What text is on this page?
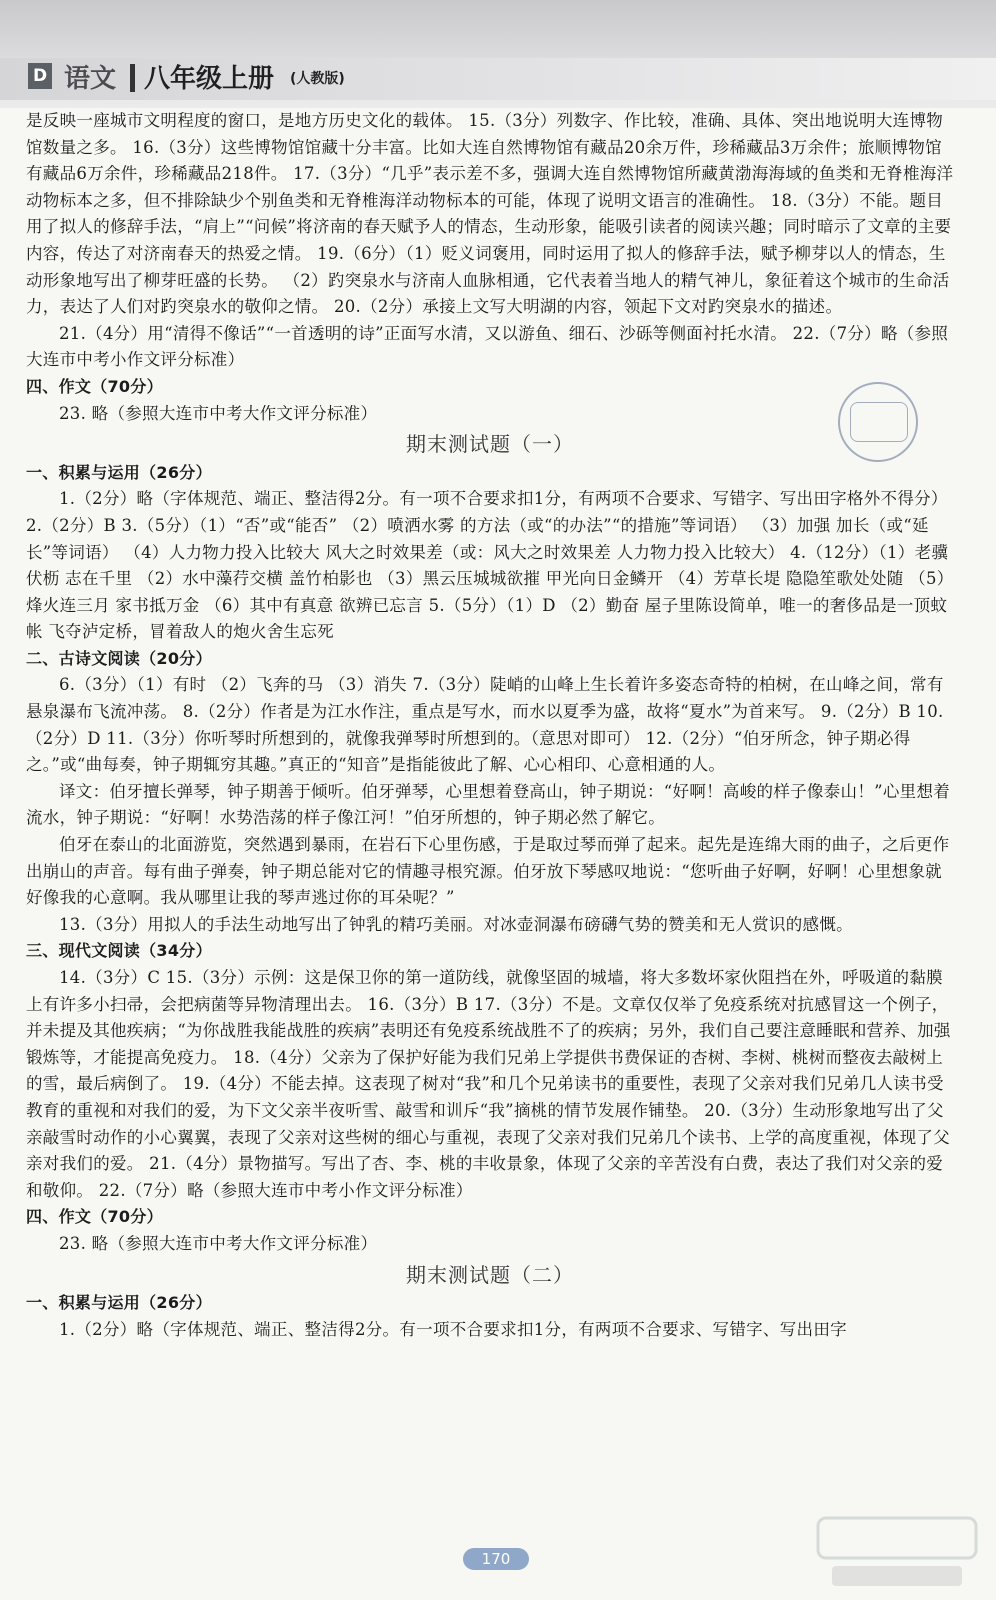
D 语文 八年级上册 (人教版)

是反映一座城市文明程度的窗口，是地方历史文化的载体。 15.（3分）列数字、作比较，准确、具体、突出地说明大连博物馆数量之多。 16.（3分）这些博物馆馆藏十分丰富。比如大连自然博物馆有藏品20余万件，珍稀藏品3万余件；旅顺博物馆有藏品6万余件，珍稀藏品218件。 17.（3分）“几乎”表示差不多，强调大连自然博物馆所藏黄渤海海域的鱼类和无脊椎海洋动物标本之多，但不排除缺少个别鱼类和无脊椎海洋动物标本的可能，体现了说明文语言的准确性。 18.（3分）不能。题目用了拟人的修辞手法，“肩上”“问候”将济南的春天赋予人的情态，生动形象，能吸引读者的阅读兴趣；同时暗示了文章的主要内容，传达了对济南春天的热爱之情。 19.（6分）（1）贬义词褒用，同时运用了拟人的修辞手法，赋予柳芽以人的情态，生动形象地写出了柳芽旺盛的长势。 （2）趵突泉水与济南人血脉相通，它代表着当地人的精气神儿，象征着这个城市的生命活力，表达了人们对趵突泉水的敬仰之情。 20.（2分）承接上文写大明湖的内容，领起下文对趵突泉水的描述。

21.（4分）用“清得不像话”“一首透明的诗”正面写水清，又以游鱼、细石、沙砾等侧面衬托水清。 22.（7分）略（参照大连市中考小作文评分标准）

四、作文（70分）

23. 略（参照大连市中考大作文评分标准）

期末测试题（一）

一、积累与运用（26分）

1.（2分）略（字体规范、端正、整洁得2分。有一项不合要求扣1分，有两项不合要求、写错字、写出田字格外不得分） 2.（2分）B 3.（5分）（1）“否”或“能否” （2）喷洒水雾 的方法（或“的办法”“的措施”等词语） （3）加强 加长（或“延长”等词语） （4）人力物力投入比较大 风大之时效果差（或：风大之时效果差 人力物力投入比较大） 4.（12分）（1）老骥伏枥 志在千里 （2）水中藻荇交横 盖竹柏影也 （3）黑云压城城欲摧 甲光向日金鳞开 （4）芳草长堤 隐隐笙歌处处随 （5）烽火连三月 家书抵万金 （6）其中有真意 欲辨已忘言 5.（5分）（1）D （2）勤奋 屋子里陈设简单，唯一的奢侈品是一顶蚊帐 飞夺泸定桥，冒着敌人的炮火舍生忘死

二、古诗文阅读（20分）

6.（3分）（1）有时 （2）飞奔的马 （3）消失 7.（3分）陡峭的山峰上生长着许多姿态奇特的柏树，在山峰之间，常有悬泉瀑布飞流冲荡。 8.（2分）作者是为江水作注，重点是写水，而水以夏季为盛，故将“夏水”为首来写。 9.（2分）B 10.（2分）D 11.（3分）你听琴时所想到的，就像我弹琴时所想到的。（意思对即可） 12.（2分）“伯牙所念，钟子期必得之。”或“曲每奏，钟子期辄穷其趣。”真正的“知音”是指能彼此了解、心心相印、心意相通的人。

译文：伯牙擅长弹琴，钟子期善于倾听。伯牙弹琴，心里想着登高山，钟子期说：“好啊！高峻的样子像泰山！”心里想着流水，钟子期说：“好啊！水势浩荡的样子像江河！”伯牙所想的，钟子期必然了解它。

伯牙在泰山的北面游览，突然遇到暴雨，在岩石下心里伤感，于是取过琴而弹了起来。起先是连绵大雨的曲子，之后更作出崩山的声音。每有曲子弹奏，钟子期总能对它的情趣寻根究源。伯牙放下琴感叹地说：“您听曲子好啊，好啊！心里想象就好像我的心意啊。我从哪里让我的琴声逃过你的耳朵呢？”

13.（3分）用拟人的手法生动地写出了钟乳的精巧美丽。对冰壶洞瀑布磅礴气势的赞美和无人赏识的感慨。

三、现代文阅读（34分）

14.（3分）C 15.（3分）示例：这是保卫你的第一道防线，就像坚固的城墙，将大多数坏家伙阻挡在外，呼吸道的黏膜上有许多小扫帚，会把病菌等异物清理出去。 16.（3分）B 17.（3分）不是。文章仅仅举了免疫系统对抗感冒这一个例子，并未提及其他疾病；“为你战胜我能战胜的疾病”表明还有免疫系统战胜不了的疾病；另外，我们自己要注意睡眠和营养、加强锻炼等，才能提高免疫力。 18.（4分）父亲为了保护好能为我们兄弟上学提供书费保证的杏树、李树、桃树而整夜去敲树上的雪，最后病倒了。 19.（4分）不能去掉。这表现了树对“我”和几个兄弟读书的重要性，表现了父亲对我们兄弟几人读书受教育的重视和对我们的爱，为下文父亲半夜听雪、敲雪和训斥“我”摘桃的情节发展作铺垫。 20.（3分）生动形象地写出了父亲敲雪时动作的小心翼翼，表现了父亲对这些树的细心与重视，表现了父亲对我们兄弟几个读书、上学的高度重视，体现了父亲对我们的爱。 21.（4分）景物描写。写出了杏、李、桃的丰收景象，体现了父亲的辛苦没有白费，表达了我们对父亲的爱和敬仰。 22.（7分）略（参照大连市中考小作文评分标准）

四、作文（70分）

23. 略（参照大连市中考大作文评分标准）

期末测试题（二）

一、积累与运用（26分）

1.（2分）略（字体规范、端正、整洁得2分。有一项不合要求扣1分，有两项不合要求、写错字、写出田字

170
